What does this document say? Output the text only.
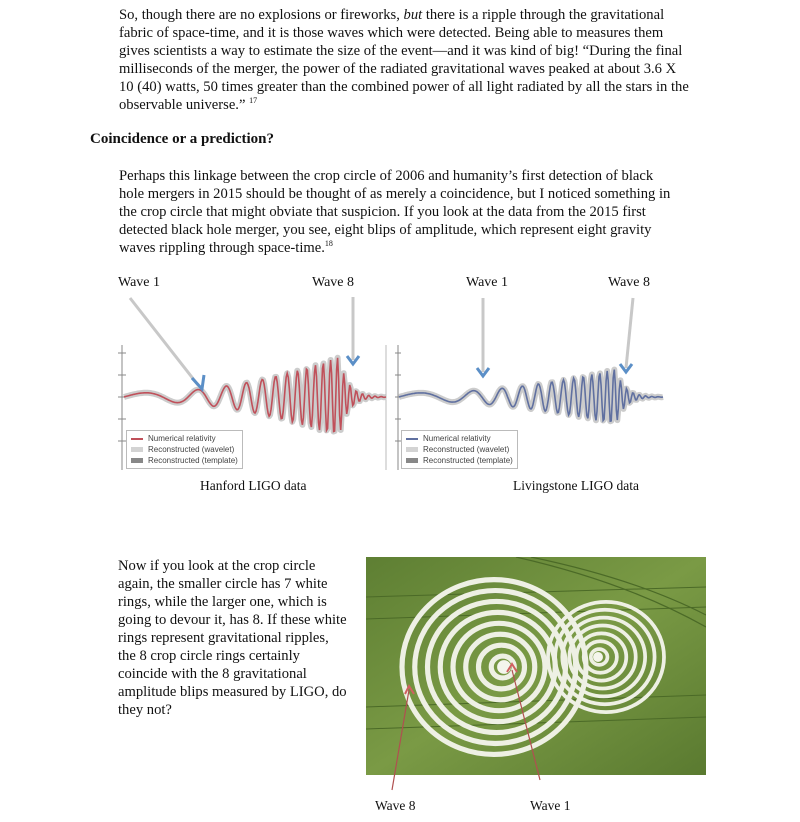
So, though there are no explosions or fireworks, but there is a ripple through the gravitational fabric of space-time, and it is those waves which were detected. Being able to measures them gives scientists a way to estimate the size of the event—and it was kind of big! “During the final milliseconds of the merger, the power of the radiated gravitational waves peaked at about 3.6 X 10 (40) watts, 50 times greater than the combined power of all light radiated by all the stars in the observable universe.” $^{17}$

Coincidence or a prediction?

Perhaps this linkage between the crop circle of 2006 and humanity’s first detection of black hole mergers in 2015 should be thought of as merely a coincidence, but I noticed something in the crop circle that might obviate that suspicion. If you look at the data from the 2015 first detected black hole merger, you see, eight blips of amplitude, which represent eight gravity waves rippling through space-time.$^{18}$

Wave 1	Wave 8	Wave 1	Wave 8
Numerical relativity
Reconstructed (wavelet)
Reconstructed (template)
Numerical relativity
Reconstructed (wavelet)
Reconstructed (template)
Hanford LIGO data	Livingstone LIGO data

Now if you look at the crop circle again, the smaller circle has 7 white rings, while the larger one, which is going to devour it, has 8. If these white rings represent gravitational ripples, the 8 crop circle rings certainly coincide with the 8 gravitational amplitude blips measured by LIGO, do they not?

Wave 8	Wave 1
